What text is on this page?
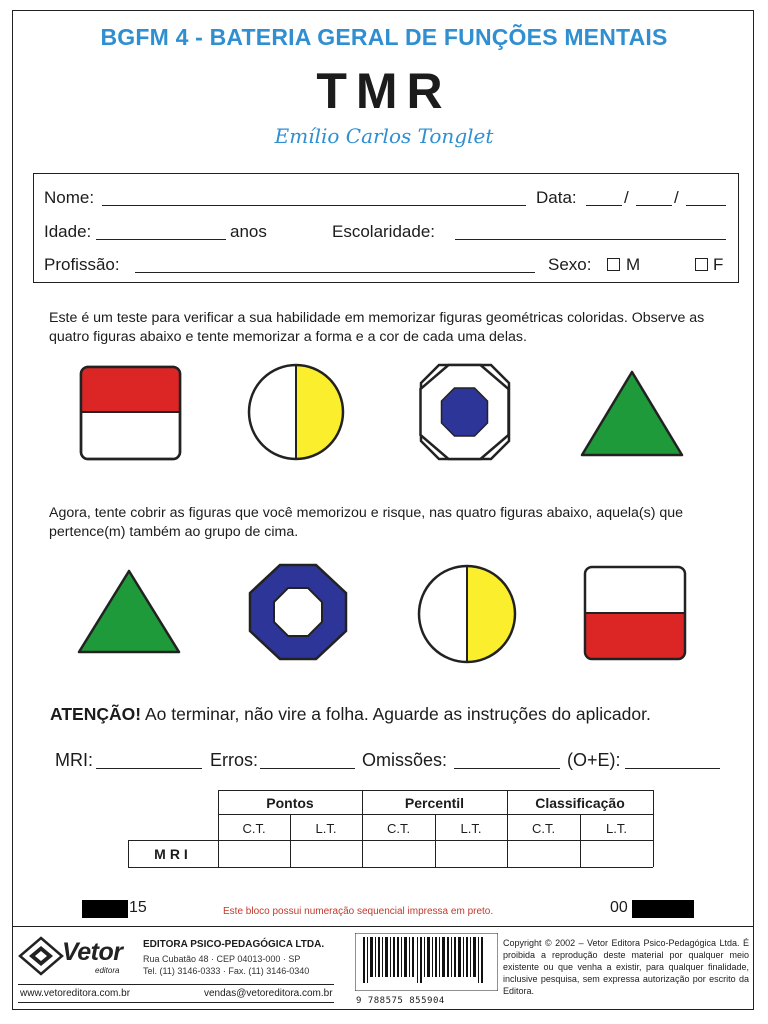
BGFM 4 - BATERIA GERAL DE FUNÇÕES MENTAIS
TMR
Emílio Carlos Tonglet
Nome:	Data:	/	/
Idade:	anos	Escolaridade:
Profissão:	Sexo: M	F
Este é um teste para verificar a sua habilidade em memorizar figuras geométricas coloridas. Observe as quatro figuras abaixo e tente memorizar a forma e a cor de cada uma delas.
Agora, tente cobrir as figuras que você memorizou e risque, nas quatro figuras abaixo, aquela(s) que pertence(m) também ao grupo de cima.
ATENÇÃO! Ao terminar, não vire a folha. Aguarde as instruções do aplicador.
MRI:	Erros:	Omissões:	(O+E):
Pontos	Percentil	Classificação
C.T.	L.T.	C.T.	L.T.	C.T.	L.T.
MRI
15	Este bloco possui numeração sequencial impressa em preto.	00
Vetor
editora
EDITORA PSICO-PEDAGÓGICA LTDA.
Rua Cubatão 48 · CEP 04013-000 · SP
Tel. (11) 3146-0333 · Fax. (11) 3146-0340
www.vetoreditora.com.br	vendas@vetoreditora.com.br
9 788575 855904
Copyright © 2002 – Vetor Editora Psico-Pedagógica Ltda. É proibida a reprodução deste material por qualquer meio existente ou que venha a existir, para qualquer finalidade, inclusive pesquisa, sem expressa autorização por escrito da Editora.
